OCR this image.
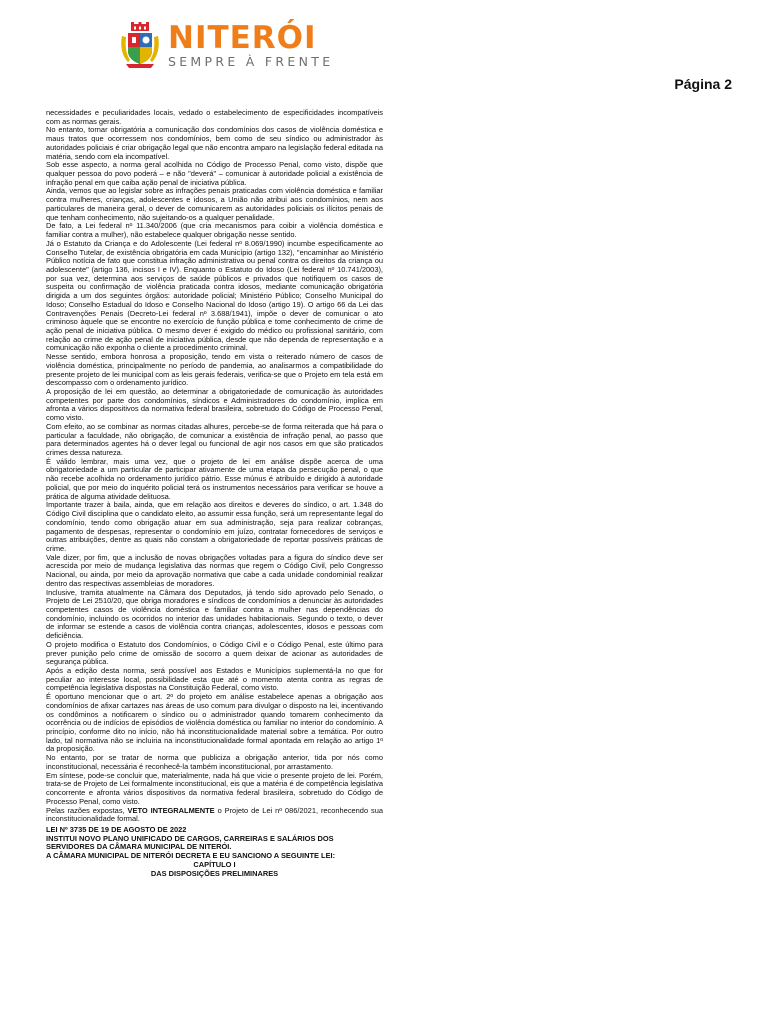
NITERÓI
SEMPRE À FRENTE
Página 2

necessidades e peculiaridades locais, vedado o estabelecimento de especificidades incompatíveis com as normas gerais.

No entanto, tornar obrigatória a comunicação dos condomínios dos casos de violência doméstica e maus tratos que ocorressem nos condomínios, bem como de seu síndico ou administrador às autoridades policiais é criar obrigação legal que não encontra amparo na legislação federal editada na matéria, sendo com ela incompatível.

Sob esse aspecto, a norma geral acolhida no Código de Processo Penal, como visto, dispõe que qualquer pessoa do povo poderá – e não "deverá" – comunicar à autoridade policial a existência de infração penal em que caiba ação penal de iniciativa pública.

Ainda, vemos que ao legislar sobre as infrações penais praticadas com violência doméstica e familiar contra mulheres, crianças, adolescentes e idosos, a União não atribui aos condomínios, nem aos particulares de maneira geral, o dever de comunicarem as autoridades policiais os ilícitos penais de que tenham conhecimento, não sujeitando-os a qualquer penalidade.

De fato, a Lei federal nº 11.340/2006 (que cria mecanismos para coibir a violência doméstica e familiar contra a mulher), não estabelece qualquer obrigação nesse sentido.

Já o Estatuto da Criança e do Adolescente (Lei federal nº 8.069/1990) incumbe especificamente ao Conselho Tutelar, de existência obrigatória em cada Município (artigo 132), "encaminhar ao Ministério Público notícia de fato que constitua infração administrativa ou penal contra os direitos da criança ou adolescente" (artigo 136, incisos I e IV). Enquanto o Estatuto do Idoso (Lei federal nº 10.741/2003), por sua vez, determina aos serviços de saúde públicos e privados que notifiquem os casos de suspeita ou confirmação de violência praticada contra idosos, mediante comunicação obrigatória dirigida a um dos seguintes órgãos: autoridade policial; Ministério Público; Conselho Municipal do Idoso; Conselho Estadual do Idoso e Conselho Nacional do Idoso (artigo 19). O artigo 66 da Lei das Contravenções Penais (Decreto-Lei federal nº 3.688/1941), impõe o dever de comunicar o ato criminoso àquele que se encontre no exercício de função pública e tome conhecimento de crime de ação penal de iniciativa pública. O mesmo dever é exigido do médico ou profissional sanitário, com relação ao crime de ação penal de iniciativa pública, desde que não dependa de representação e a comunicação não exponha o cliente a procedimento criminal.

Nesse sentido, embora honrosa a proposição, tendo em vista o reiterado número de casos de violência doméstica, principalmente no período de pandemia, ao analisarmos a compatibilidade do presente projeto de lei municipal com as leis gerais federais, verifica-se que o Projeto em tela está em descompasso com o ordenamento jurídico.

A proposição de lei em questão, ao determinar a obrigatoriedade de comunicação às autoridades competentes por parte dos condomínios, síndicos e Administradores do condomínio, implica em afronta a vários dispositivos da normativa federal brasileira, sobretudo do Código de Processo Penal, como visto.

Com efeito, ao se combinar as normas citadas alhures, percebe-se de forma reiterada que há para o particular a faculdade, não obrigação, de comunicar a existência de infração penal, ao passo que para determinados agentes há o dever legal ou funcional de agir nos casos em que são praticados crimes dessa natureza.

É válido lembrar, mais uma vez, que o projeto de lei em análise dispõe acerca de uma obrigatoriedade a um particular de participar ativamente de uma etapa da persecução penal, o que não recebe acolhida no ordenamento jurídico pátrio. Esse múnus é atribuído e dirigido à autoridade policial, que por meio do inquérito policial terá os instrumentos necessários para verificar se houve a prática de alguma atividade delituosa.

Importante trazer à baila, ainda, que em relação aos direitos e deveres do síndico, o art. 1.348 do Código Civil disciplina que o candidato eleito, ao assumir essa função, será um representante legal do condomínio, tendo como obrigação atuar em sua administração, seja para realizar cobranças, pagamento de despesas, representar o condomínio em juízo, contratar fornecedores de serviços e outras atribuições, dentre as quais não constam a obrigatoriedade de reportar possíveis práticas de crime.

Vale dizer, por fim, que a inclusão de novas obrigações voltadas para a figura do síndico deve ser acrescida por meio de mudança legislativa das normas que regem o Código Civil, pelo Congresso Nacional, ou ainda, por meio da aprovação normativa que cabe a cada unidade condominial realizar dentro das respectivas assembleias de moradores.

Inclusive, tramita atualmente na Câmara dos Deputados, já tendo sido aprovado pelo Senado, o Projeto de Lei 2510/20, que obriga moradores e síndicos de condomínios a denunciar às autoridades competentes casos de violência doméstica e familiar contra a mulher nas dependências do condomínio, incluindo os ocorridos no interior das unidades habitacionais. Segundo o texto, o dever de informar se estende a casos de violência contra crianças, adolescentes, idosos e pessoas com deficiência.

O projeto modifica o Estatuto dos Condomínios, o Código Civil e o Código Penal, este último para prever punição pelo crime de omissão de socorro a quem deixar de acionar as autoridades de segurança pública.

Após a edição desta norma, será possível aos Estados e Municípios suplementá-la no que for peculiar ao interesse local, possibilidade esta que até o momento atenta contra as regras de competência legislativa dispostas na Constituição Federal, como visto.

É oportuno mencionar que o art. 2º do projeto em análise estabelece apenas a obrigação aos condomínios de afixar cartazes nas áreas de uso comum para divulgar o disposto na lei, incentivando os condôminos a notificarem o síndico ou o administrador quando tomarem conhecimento da ocorrência ou de indícios de episódios de violência doméstica ou familiar no interior do condomínio. A princípio, conforme dito no início, não há inconstitucionalidade material sobre a temática. Por outro lado, tal normativa não se incluiria na inconstitucionalidade formal apontada em relação ao artigo 1º da proposição.

No entanto, por se tratar de norma que publiciza a obrigação anterior, tida por nós como inconstitucional, necessária é reconhecê-la também inconstitucional, por arrastamento.

Em síntese, pode-se concluir que, materialmente, nada há que vicie o presente projeto de lei. Porém, trata-se de Projeto de Lei formalmente inconstitucional, eis que a matéria é de competência legislativa concorrente e afronta vários dispositivos da normativa federal brasileira, sobretudo do Código de Processo Penal, como visto.

Pelas razões expostas, VETO INTEGRALMENTE o Projeto de Lei nº 086/2021, reconhecendo sua inconstitucionalidade formal.

LEI Nº 3735 DE 19 DE AGOSTO DE 2022

INSTITUI NOVO PLANO UNIFICADO DE CARGOS, CARREIRAS E SALÁRIOS DOS SERVIDORES DA CÂMARA MUNICIPAL DE NITERÓI.

A CÂMARA MUNICIPAL DE NITERÓI DECRETA E EU SANCIONO A SEGUINTE LEI:

CAPÍTULO I

DAS DISPOSIÇÕES PRELIMINARES
